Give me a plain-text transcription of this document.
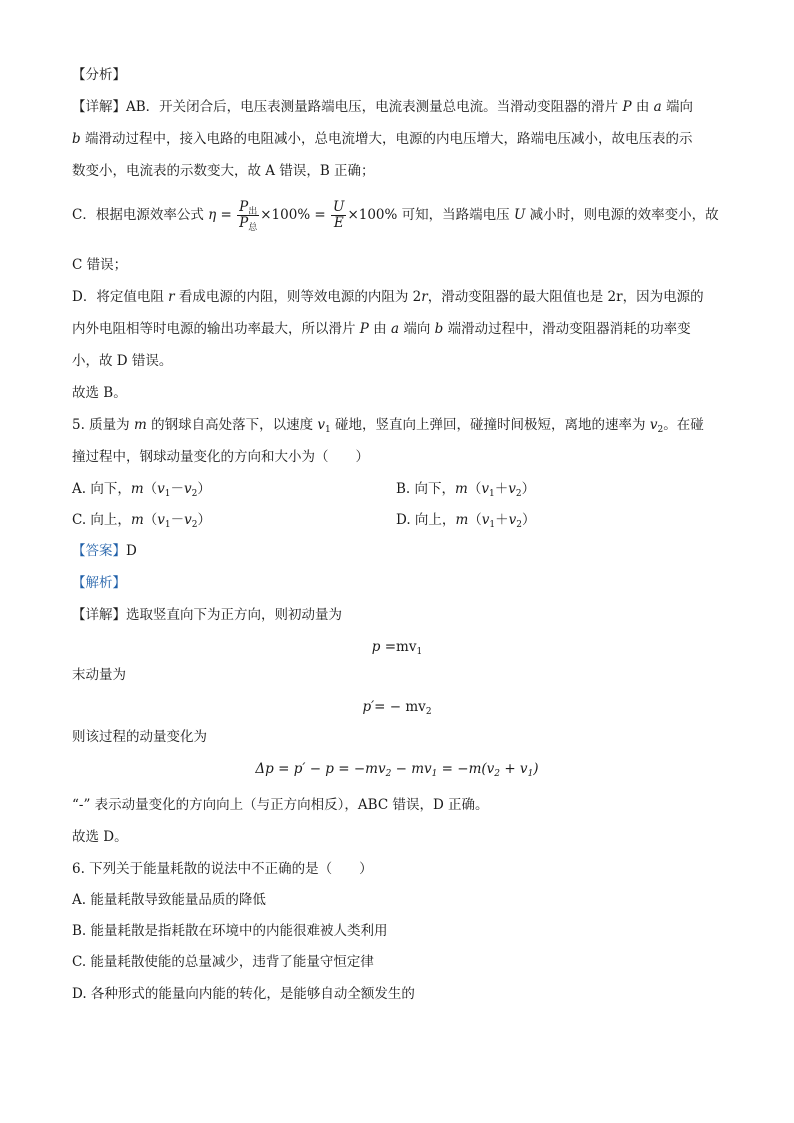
【分析】
【详解】AB．开关闭合后，电压表测量路端电压，电流表测量总电流。当滑动变阻器的滑片 P 由 a 端向
b 端滑动过程中，接入电路的电阻减小，总电流增大，电源的内电压增大，路端电压减小，故电压表的示
数变小，电流表的示数变大，故 A 错误，B 正确；
C．根据电源效率公式 $\eta = \frac{P_出}{P_总} \times 100\% = \frac{U}{E} \times 100\%$ 可知，当路端电压 U 减小时，则电源的效率变小，故
C 错误；
D．将定值电阻 r 看成电源的内阻，则等效电源的内阻为 2r，滑动变阻器的最大阻值也是 2r，因为电源的
内外电阻相等时电源的输出功率最大，所以滑片 P 由 a 端向 b 端滑动过程中，滑动变阻器消耗的功率变
小，故 D 错误。
故选 B。
5. 质量为 m 的钢球自高处落下，以速度 $v_1$ 碰地，竖直向上弹回，碰撞时间极短，离地的速率为 $v_2$。在碰
撞过程中，钢球动量变化的方向和大小为（　　）
A. 向下，$m(v_1-v_2)$	B. 向下，$m(v_1+v_2)$
C. 向上，$m(v_1-v_2)$	D. 向上，$m(v_1+v_2)$
【答案】D
【解析】
【详解】选取竖直向下为正方向，则初动量为
$p =mv_1$
末动量为
$p'= - mv_2$
则该过程的动量变化为
$\Delta p = p' - p = -mv_2 - mv_1 = -m(v_2 + v_1)$
“-” 表示动量变化的方向向上（与正方向相反），ABC 错误，D 正确。
故选 D。
6. 下列关于能量耗散的说法中不正确的是（　　）
A. 能量耗散导致能量品质的降低
B. 能量耗散是指耗散在环境中的内能很难被人类利用
C. 能量耗散使能的总量减少，违背了能量守恒定律
D. 各种形式的能量向内能的转化，是能够自动全额发生的
